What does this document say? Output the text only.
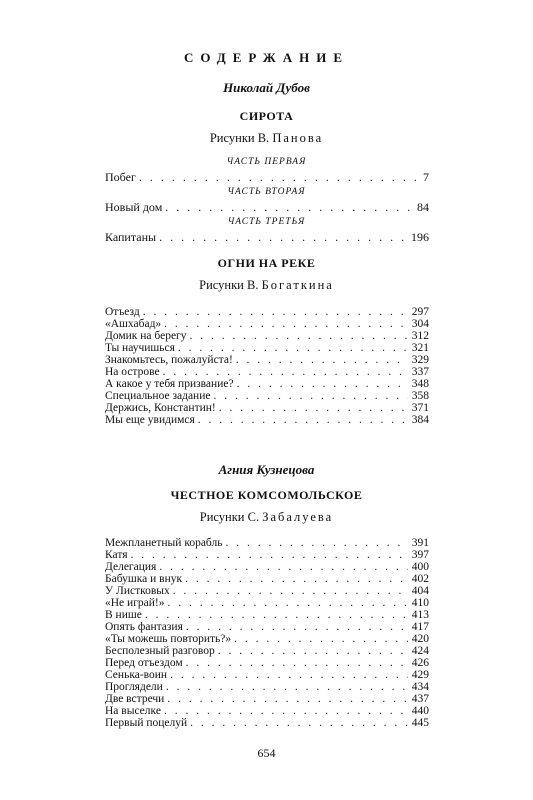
СОДЕРЖАНИЕ
Николай Дубов
СИРОТА
Рисунки В. Панова
ЧАСТЬ ПЕРВАЯ
Побег . . .	7
ЧАСТЬ ВТОРАЯ
Новый дом . . .	84
ЧАСТЬ ТРЕТЬЯ
Капитаны . . .	196
ОГНИ НА РЕКЕ
Рисунки В. Богаткина
Отъезд . . .	297
«Ашхабад» . . .	304
Домик на берегу . . .	312
Ты научишься . . .	321
Знакомьтесь, пожалуйста! . . .	329
На острове . . .	337
А какое у тебя призвание? . . .	348
Специальное задание . . .	358
Держись, Константин! . . .	371
Мы еще увидимся . . .	384
Агния Кузнецова
ЧЕСТНОЕ КОМСОМОЛЬСКОЕ
Рисунки С. Забалуева
Межпланетный корабль . . .	391
Катя . . .	397
Делегация . . .	400
Бабушка и внук . . .	402
У Листковых . . .	404
«Не играй!» . . .	410
В нише . . .	413
Опять фантазия . . .	417
«Ты можешь повторить?» . . .	420
Бесполезный разговор . . .	424
Перед отъездом . . .	426
Сенька-воин . . .	429
Проглядели . . .	434
Две встречи . . .	437
На выселке . . .	440
Первый поцелуй . . .	445
654
